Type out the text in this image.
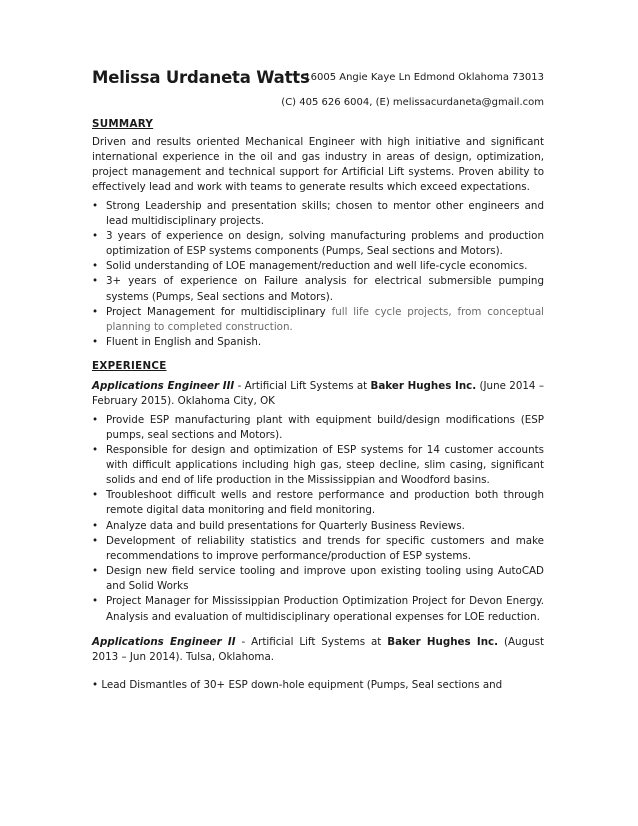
Melissa Urdaneta Watts
16005 Angie Kaye Ln Edmond Oklahoma 73013
(C) 405 626 6004, (E) melissacurdaneta@gmail.com
SUMMARY

Driven and results oriented Mechanical Engineer with high initiative and significant international experience in the oil and gas industry in areas of design, optimization, project management and technical support for Artificial Lift systems. Proven ability to effectively lead and work with teams to generate results which exceed expectations.

• Strong Leadership and presentation skills; chosen to mentor other engineers and lead multidisciplinary projects.
• 3 years of experience on design, solving manufacturing problems and production optimization of ESP systems components (Pumps, Seal sections and Motors).
• Solid understanding of LOE management/reduction and well life-cycle economics.
• 3+ years of experience on Failure analysis for electrical submersible pumping systems (Pumps, Seal sections and Motors).
• Project Management for multidisciplinary full life cycle projects, from conceptual planning to completed construction.
• Fluent in English and Spanish.
EXPERIENCE

Applications Engineer III - Artificial Lift Systems at Baker Hughes Inc. (June 2014 – February 2015). Oklahoma City, OK

• Provide ESP manufacturing plant with equipment build/design modifications (ESP pumps, seal sections and Motors).
• Responsible for design and optimization of ESP systems for 14 customer accounts with difficult applications including high gas, steep decline, slim casing, significant solids and end of life production in the Mississippian and Woodford basins.
• Troubleshoot difficult wells and restore performance and production both through remote digital data monitoring and field monitoring.
• Analyze data and build presentations for Quarterly Business Reviews.
• Development of reliability statistics and trends for specific customers and make recommendations to improve performance/production of ESP systems.
• Design new field service tooling and improve upon existing tooling using AutoCAD and Solid Works
• Project Manager for Mississippian Production Optimization Project for Devon Energy. Analysis and evaluation of multidisciplinary operational expenses for LOE reduction.

Applications Engineer II - Artificial Lift Systems at Baker Hughes Inc. (August 2013 – Jun 2014). Tulsa, Oklahoma.

• Lead Dismantles of 30+ ESP down-hole equipment (Pumps, Seal sections and
